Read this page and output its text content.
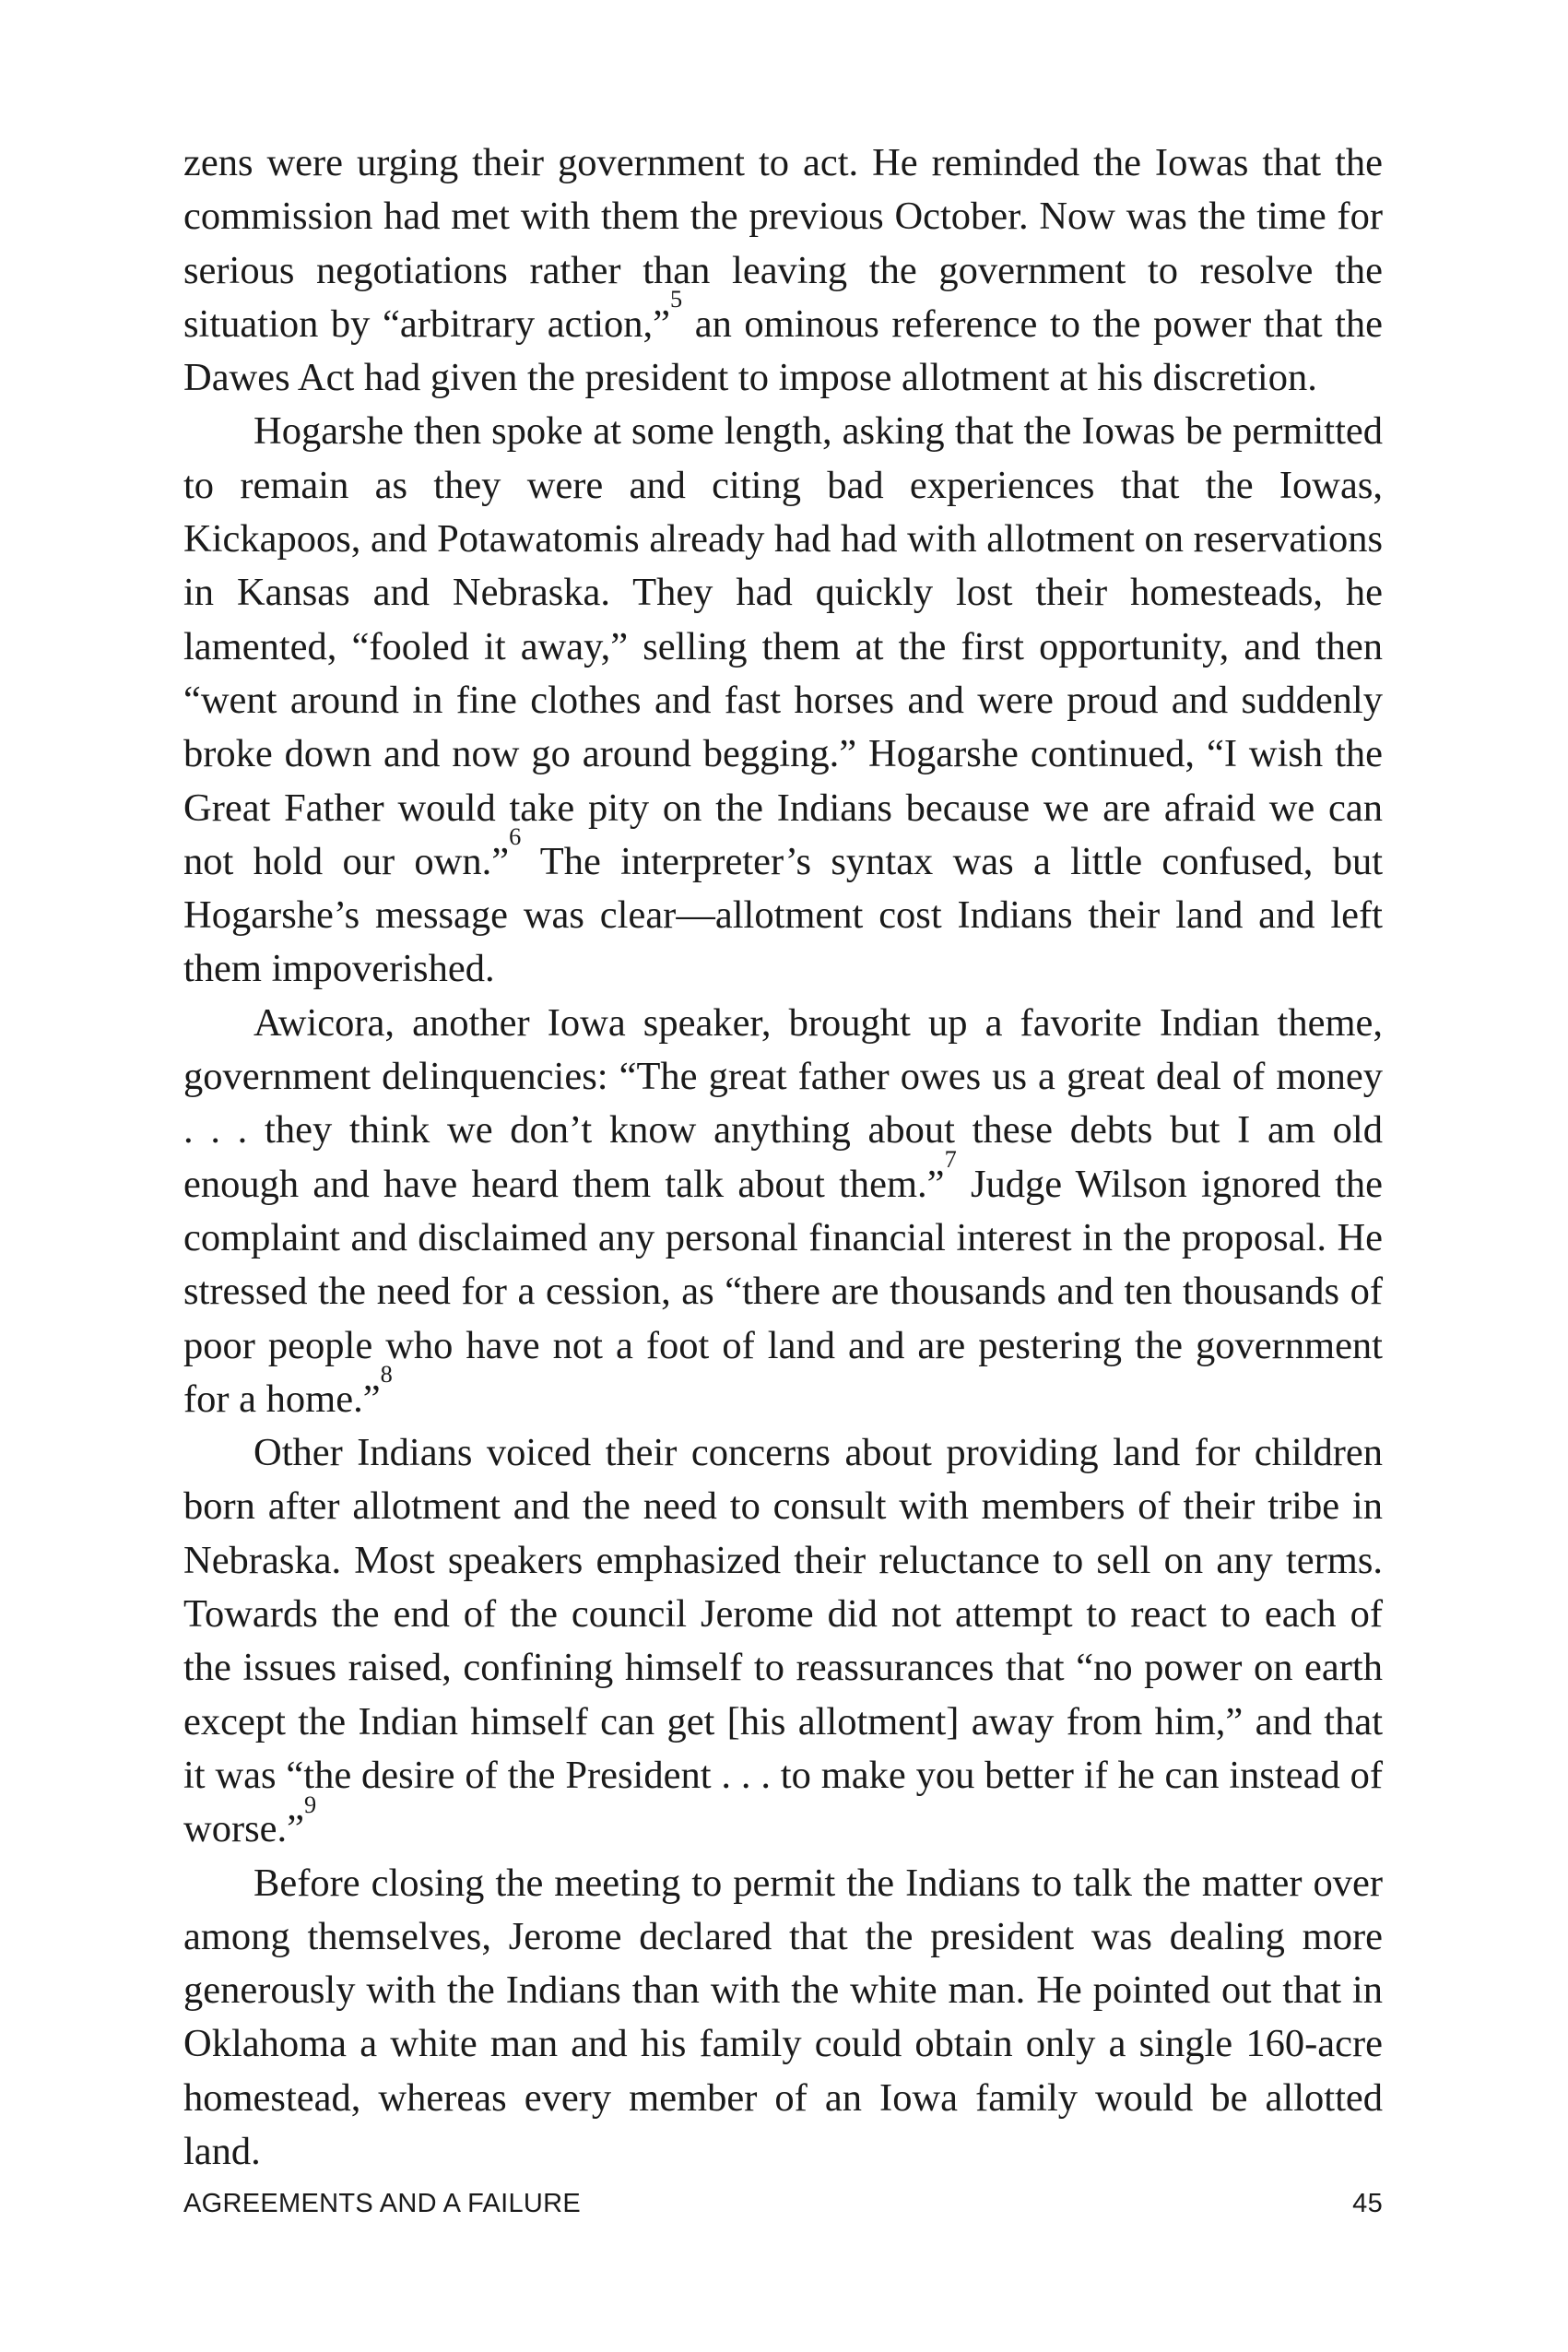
zens were urging their government to act. He reminded the Iowas that the commission had met with them the previous October. Now was the time for serious negotiations rather than leaving the government to resolve the situation by “arbitrary action,”$^5$ an ominous reference to the power that the Dawes Act had given the president to impose allotment at his discretion.

Hogarshe then spoke at some length, asking that the Iowas be permitted to remain as they were and citing bad experiences that the Iowas, Kickapoos, and Potawatomis already had had with allotment on reservations in Kansas and Nebraska. They had quickly lost their homesteads, he lamented, “fooled it away,” selling them at the first opportunity, and then “went around in fine clothes and fast horses and were proud and suddenly broke down and now go around begging.” Hogarshe continued, “I wish the Great Father would take pity on the Indians because we are afraid we can not hold our own.”$^6$ The interpreter’s syntax was a little confused, but Hogarshe’s message was clear—allotment cost Indians their land and left them impoverished.

Awicora, another Iowa speaker, brought up a favorite Indian theme, government delinquencies: “The great father owes us a great deal of money . . . they think we don’t know anything about these debts but I am old enough and have heard them talk about them.”$^7$ Judge Wilson ignored the complaint and disclaimed any personal financial interest in the proposal. He stressed the need for a cession, as “there are thousands and ten thousands of poor people who have not a foot of land and are pestering the government for a home.”$^8$

Other Indians voiced their concerns about providing land for children born after allotment and the need to consult with members of their tribe in Nebraska. Most speakers emphasized their reluctance to sell on any terms. Towards the end of the council Jerome did not attempt to react to each of the issues raised, confining himself to reassurances that “no power on earth except the Indian himself can get [his allotment] away from him,” and that it was “the desire of the President . . . to make you better if he can instead of worse.”$^9$

Before closing the meeting to permit the Indians to talk the matter over among themselves, Jerome declared that the president was dealing more generously with the Indians than with the white man. He pointed out that in Oklahoma a white man and his family could obtain only a single 160-acre homestead, whereas every member of an Iowa family would be allotted land.

AGREEMENTS AND A FAILURE	45
